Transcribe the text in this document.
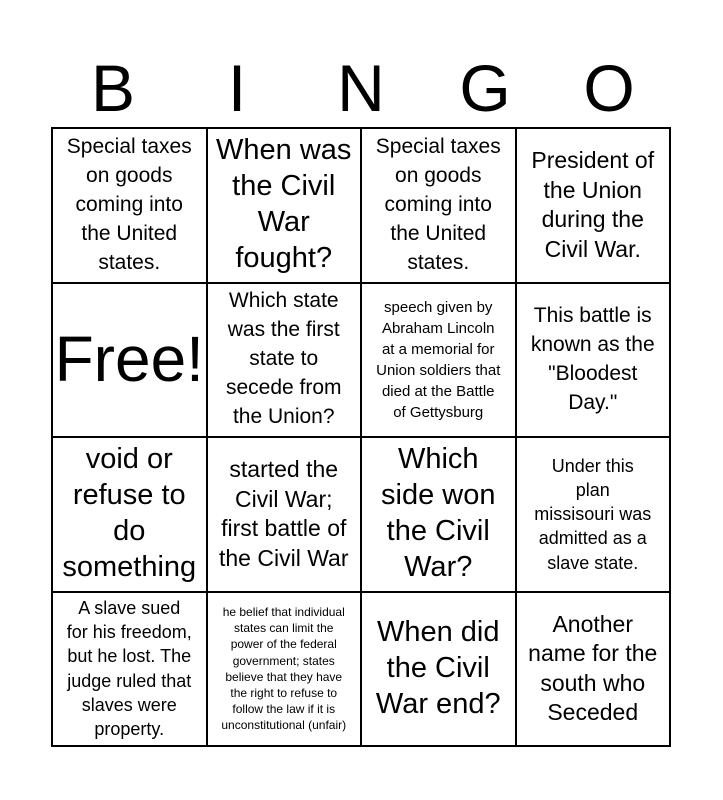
B	I	N	G	O
Special taxes
on goods
coming into
the United
states.
When was
the Civil
War
fought?
Special taxes
on goods
coming into
the United
states.
President of
the Union
during the
Civil War.
Free!
Which state
was the first
state to
secede from
the Union?
speech given by
Abraham Lincoln
at a memorial for
Union soldiers that
died at the Battle
of Gettysburg
This battle is
known as the
"Bloodest
Day."
void or
refuse to
do
something
started the
Civil War;
first battle of
the Civil War
Which
side won
the Civil
War?
Under this
plan
missisouri was
admitted as a
slave state.
A slave sued
for his freedom,
but he lost. The
judge ruled that
slaves were
property.
he belief that individual
states can limit the
power of the federal
government; states
believe that they have
the right to refuse to
follow the law if it is
unconstitutional (unfair)
When did
the Civil
War end?
Another
name for the
south who
Seceded
